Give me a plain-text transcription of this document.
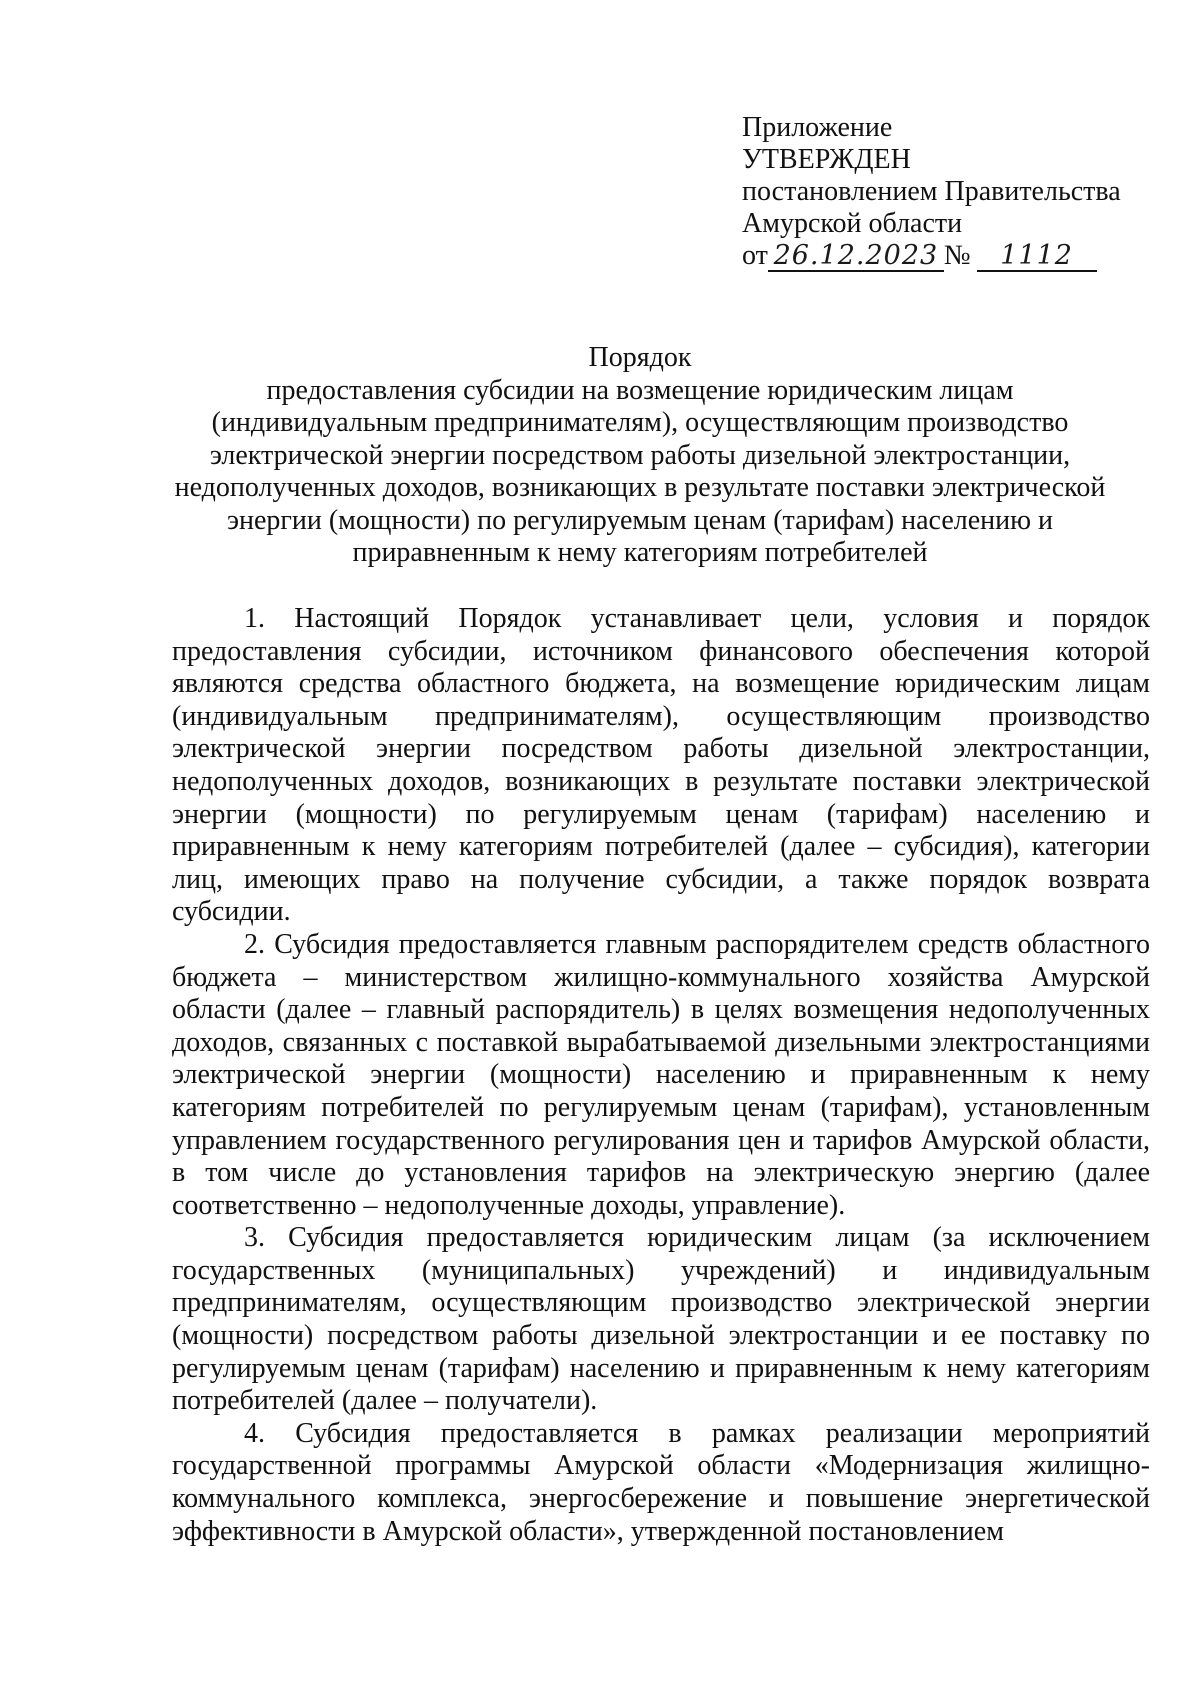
Приложение
УТВЕРЖДЕН
постановлением Правительства
Амурской области
от 26.12.2023 №	1112
Порядок
предоставления субсидии на возмещение юридическим лицам
(индивидуальным предпринимателям), осуществляющим производство
электрической энергии посредством работы дизельной электростанции,
недополученных доходов, возникающих в результате поставки электрической
энергии (мощности) по регулируемым ценам (тарифам) населению и
приравненным к нему категориям потребителей

1. Настоящий Порядок устанавливает цели, условия и порядок предоставления субсидии, источником финансового обеспечения которой являются средства областного бюджета, на возмещение юридическим лицам (индивидуальным предпринимателям), осуществляющим производство электрической энергии посредством работы дизельной электростанции, недополученных доходов, возникающих в результате поставки электрической энергии (мощности) по регулируемым ценам (тарифам) населению и приравненным к нему категориям потребителей (далее – субсидия), категории лиц, имеющих право на получение субсидии, а также порядок возврата субсидии.

2. Субсидия предоставляется главным распорядителем средств областного бюджета – министерством жилищно-коммунального хозяйства Амурской области (далее – главный распорядитель) в целях возмещения недополученных доходов, связанных с поставкой вырабатываемой дизельными электростанциями электрической энергии (мощности) населению и приравненным к нему категориям потребителей по регулируемым ценам (тарифам), установленным управлением государственного регулирования цен и тарифов Амурской области, в том числе до установления тарифов на электрическую энергию (далее соответственно – недополученные доходы, управление).

3. Субсидия предоставляется юридическим лицам (за исключением государственных (муниципальных) учреждений) и индивидуальным предпринимателям, осуществляющим производство электрической энергии (мощности) посредством работы дизельной электростанции и ее поставку по регулируемым ценам (тарифам) населению и приравненным к нему категориям потребителей (далее – получатели).

4. Субсидия предоставляется в рамках реализации мероприятий государственной программы Амурской области «Модернизация жилищно-коммунального комплекса, энергосбережение и повышение энергетической эффективности в Амурской области», утвержденной постановлением
